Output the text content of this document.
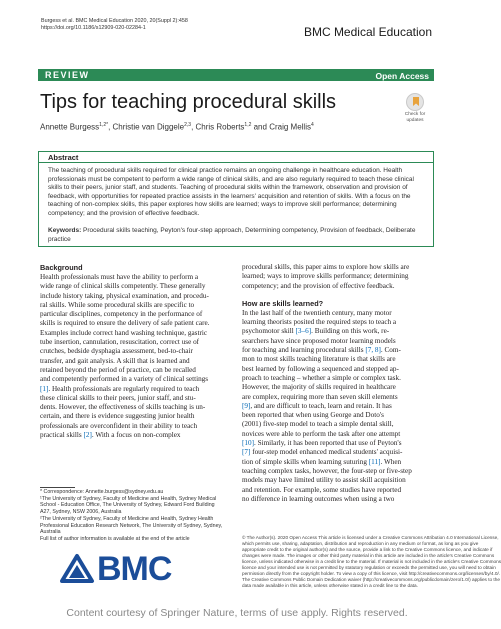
Burgess et al. BMC Medical Education 2020, 20(Suppl 2):458
https://doi.org/10.1186/s12909-020-02284-1	BMC Medical Education
REVIEW	Open Access
Tips for teaching procedural skills
Annette Burgess$^{1,2*}$, Christie van Diggele$^{2,3}$, Chris Roberts$^{1,2}$ and Craig Mellis$^4$
Check for
updates
Abstract
The teaching of procedural skills required for clinical practice remains an ongoing challenge in healthcare education. Health professionals must be competent to perform a wide range of clinical skills, and are also regularly required to teach these clinical skills to their peers, junior staff, and students. Teaching of procedural skills within the framework, observation and provision of feedback, with opportunities for repeated practice assists in the learners' acquisition and retention of skills. With a focus on the teaching of non-complex skills, this paper explores how skills are learned; ways to improve skill performance; determining competency; and the provision of effective feedback.
Keywords: Procedural skills teaching, Peyton's four-step approach, Determining competency, Provision of feedback, Deliberate practice
Background

Health professionals must have the ability to perform a

wide range of clinical skills competently. These generally

include history taking, physical examination, and procedu-

ral skills. While some procedural skills are specific to

particular disciplines, competency in the performance of

skills is required to ensure the delivery of safe patient care.

Examples include correct hand washing technique, gastric

tube insertion, cannulation, resuscitation, correct use of

crutches, bedside dysphagia assessment, bed-to-chair

transfer, and gait analysis. A skill that is learned and

retained beyond the period of practice, can be recalled

and competently performed in a variety of clinical settings

[1]. Health professionals are regularly required to teach

these clinical skills to their peers, junior staff, and stu-

dents. However, the effectiveness of skills teaching is un-

certain, and there is evidence suggesting junior health

professionals are overconfident in their ability to teach

practical skills [2]. With a focus on non-complex

procedural skills, this paper aims to explore how skills are

learned; ways to improve skills performance; determining

competency; and the provision of effective feedback.

How are skills learned?

In the last half of the twentieth century, many motor

learning theorists posited the required steps to teach a

psychomotor skill [3–6]. Building on this work, re-

searchers have since proposed motor learning models

for teaching and learning procedural skills [7, 8]. Com-

mon to most skills teaching literature is that skills are

best learned by following a sequenced and stepped ap-

proach to teaching – whether a simple or complex task.

However, the majority of skills required in healthcare

are complex, requiring more than seven skill elements

[9], and are difficult to teach, learn and retain. It has

been reported that when using George and Doto's

(2001) five-step model to teach a simple dental skill,

novices were able to perform the task after one attempt

[10]. Similarly, it has been reported that use of Peyton's

[7] four-step model enhanced medical students' acquisi-

tion of simple skills when learning suturing [11]. When

teaching complex tasks, however, the four-step or five-step

models may have limited utility to assist skill acquisition

and retention. For example, some studies have reported

no difference in learning outcomes when using a two

* Correspondence: Annette.burgess@sydney.edu.au
¹The University of Sydney, Faculty of Medicine and Health, Sydney Medical
School - Education Office, The University of Sydney, Edward Ford Building
A27, Sydney, NSW 2006, Australia
²The University of Sydney, Faculty of Medicine and Health, Sydney Health
Professional Education Research Network, The University of Sydney, Sydney,
Australia
Full list of author information is available at the end of the article
BMC
© The Author(s). 2020 Open Access This article is licensed under a Creative Commons Attribution 4.0 International License,
which permits use, sharing, adaptation, distribution and reproduction in any medium or format, as long as you give
appropriate credit to the original author(s) and the source, provide a link to the Creative Commons licence, and indicate if
changes were made. The images or other third party material in this article are included in the article's Creative Commons
licence, unless indicated otherwise in a credit line to the material. If material is not included in the article's Creative Commons
licence and your intended use is not permitted by statutory regulation or exceeds the permitted use, you will need to obtain
permission directly from the copyright holder. To view a copy of this licence, visit http://creativecommons.org/licenses/by/4.0/.
The Creative Commons Public Domain Dedication waiver (http://creativecommons.org/publicdomain/zero/1.0/) applies to the
data made available in this article, unless otherwise stated in a credit line to the data.
Content courtesy of Springer Nature, terms of use apply. Rights reserved.
